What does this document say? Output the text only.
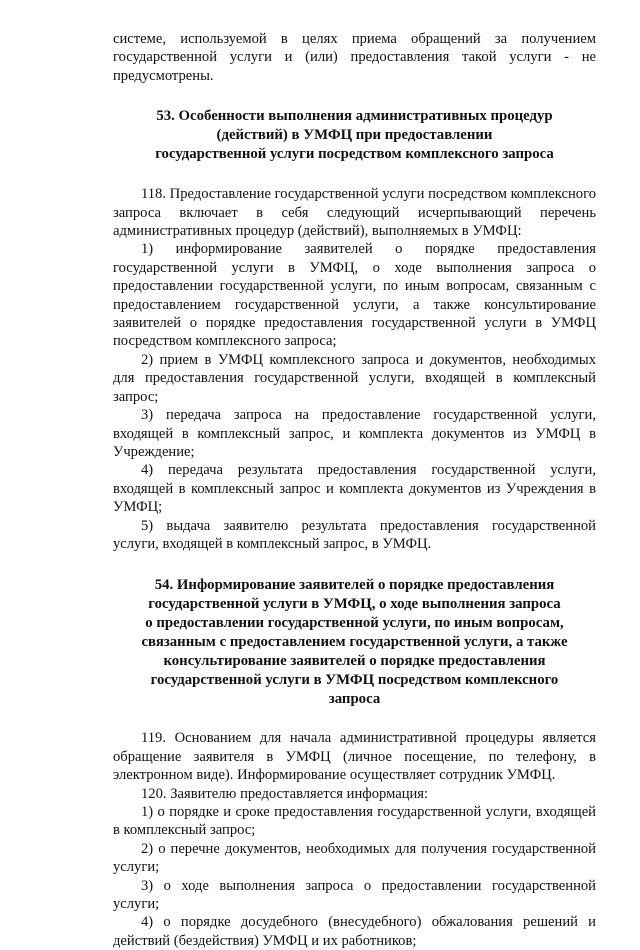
системе, используемой в целях приема обращений за получением государственной услуги и (или) предоставления такой услуги - не предусмотрены.

53. Особенности выполнения административных процедур
(действий) в УМФЦ при предоставлении
государственной услуги посредством комплексного запроса

118. Предоставление государственной услуги посредством комплексного запроса включает в себя следующий исчерпывающий перечень административных процедур (действий), выполняемых в УМФЦ:

1) информирование заявителей о порядке предоставления государственной услуги в УМФЦ, о ходе выполнения запроса о предоставлении государственной услуги, по иным вопросам, связанным с предоставлением государственной услуги, а также консультирование заявителей о порядке предоставления государственной услуги в УМФЦ посредством комплексного запроса;

2) прием в УМФЦ комплексного запроса и документов, необходимых для предоставления государственной услуги, входящей в комплексный запрос;

3) передача запроса на предоставление государственной услуги, входящей в комплексный запрос, и комплекта документов из УМФЦ в Учреждение;

4) передача результата предоставления государственной услуги, входящей в комплексный запрос и комплекта документов из Учреждения в УМФЦ;

5) выдача заявителю результата предоставления государственной услуги, входящей в комплексный запрос, в УМФЦ.

54. Информирование заявителей о порядке предоставления
государственной услуги в УМФЦ, о ходе выполнения запроса
о предоставлении государственной услуги, по иным вопросам,
связанным с предоставлением государственной услуги, а также
консультирование заявителей о порядке предоставления
государственной услуги в УМФЦ посредством комплексного
запроса

119. Основанием для начала административной процедуры является обращение заявителя в УМФЦ (личное посещение, по телефону, в электронном виде). Информирование осуществляет сотрудник УМФЦ.

120. Заявителю предоставляется информация:

1) о порядке и сроке предоставления государственной услуги, входящей в комплексный запрос;

2) о перечне документов, необходимых для получения государственной услуги;

3) о ходе выполнения запроса о предоставлении государственной услуги;

4) о порядке досудебного (внесудебного) обжалования решений и действий (бездействия) УМФЦ и их работников;
